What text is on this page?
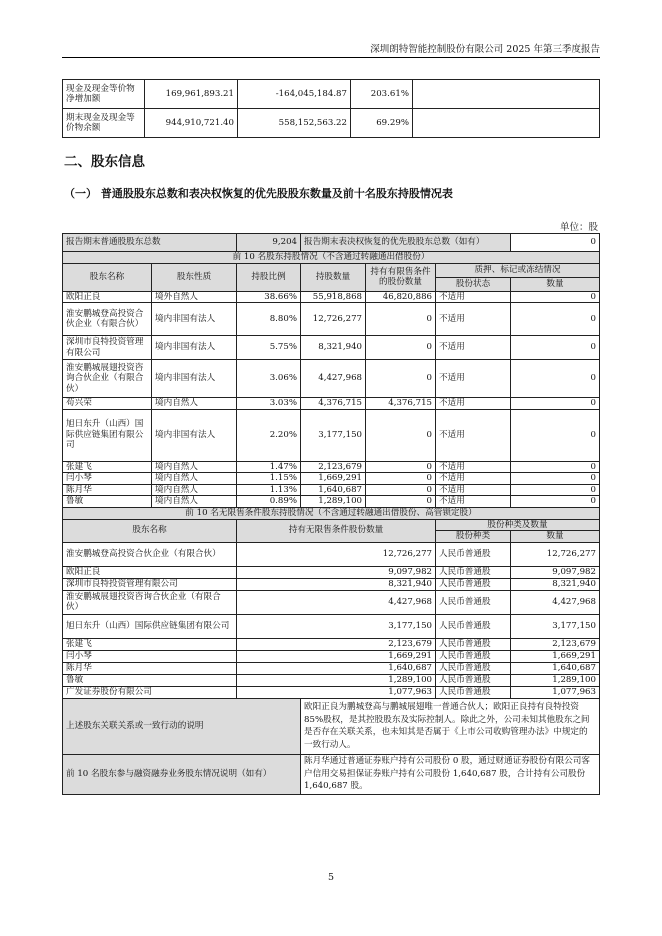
深圳朗特智能控制股份有限公司 2025 年第三季度报告
现金及现金等价物净增加额	169,961,893.21	-164,045,184.87	203.61%	
期末现金及现金等价物余额	944,910,721.40	558,152,563.22	69.29%	
二、股东信息
（一） 普通股股东总数和表决权恢复的优先股股东数量及前十名股东持股情况表
单位：股
报告期末普通股股东总数		9,204	报告期末表决权恢复的优先股股东总数（如有）			0
前 10 名股东持股情况（不含通过转融通出借股份）						
股东名称	股东性质	持股比例	持股数量	持有有限售条件的股份数量	质押、标记或冻结情况	
					股份状态	数量
欧阳正良	境外自然人	38.66%	55,918,868	46,820,886	不适用	0
淮安鹏城登高投资合伙企业（有限合伙）	境内非国有法人	8.80%	12,726,277	0	不适用	0
深圳市良特投资管理有限公司	境内非国有法人	5.75%	8,321,940	0	不适用	0
淮安鹏城展翅投资咨询合伙企业（有限合伙）	境内非国有法人	3.06%	4,427,968	0	不适用	0
苟兴荣	境内自然人	3.03%	4,376,715	4,376,715	不适用	0
旭日东升（山西）国际供应链集团有限公司	境内非国有法人	2.20%	3,177,150	0	不适用	0
张建飞	境内自然人	1.47%	2,123,679	0	不适用	0
闫小琴	境内自然人	1.15%	1,669,291	0	不适用	0
陈月华	境内自然人	1.13%	1,640,687	0	不适用	0
鲁敏	境内自然人	0.89%	1,289,100	0	不适用	0
前 10 名无限售条件股东持股情况（不含通过转融通出借股份、高管锁定股）						
股东名称		持有无限售条件股份数量			股份种类及数量	
					股份种类	数量
淮安鹏城登高投资合伙企业（有限合伙）		12,726,277			人民币普通股	12,726,277
欧阳正良		9,097,982			人民币普通股	9,097,982
深圳市良特投资管理有限公司		8,321,940			人民币普通股	8,321,940
淮安鹏城展翅投资咨询合伙企业（有限合伙）		4,427,968			人民币普通股	4,427,968
旭日东升（山西）国际供应链集团有限公司		3,177,150			人民币普通股	3,177,150
张建飞		2,123,679			人民币普通股	2,123,679
闫小琴		1,669,291			人民币普通股	1,669,291
陈月华		1,640,687			人民币普通股	1,640,687
鲁敏		1,289,100			人民币普通股	1,289,100
广发证券股份有限公司		1,077,963			人民币普通股	1,077,963
上述股东关联关系或一致行动的说明			欧阳正良为鹏城登高与鹏城展翅唯一普通合伙人；欧阳正良持有良特投资 85%股权，是其控股股东及实际控制人。除此之外，公司未知其他股东之间是否存在关联关系，也未知其是否属于《上市公司收购管理办法》中规定的一致行动人。			
前 10 名股东参与融资融券业务股东情况说明（如有）			陈月华通过普通证券账户持有公司股份 0 股，通过财通证券股份有限公司客户信用交易担保证券账户持有公司股份 1,640,687 股，合计持有公司股份 1,640,687 股。			
5
